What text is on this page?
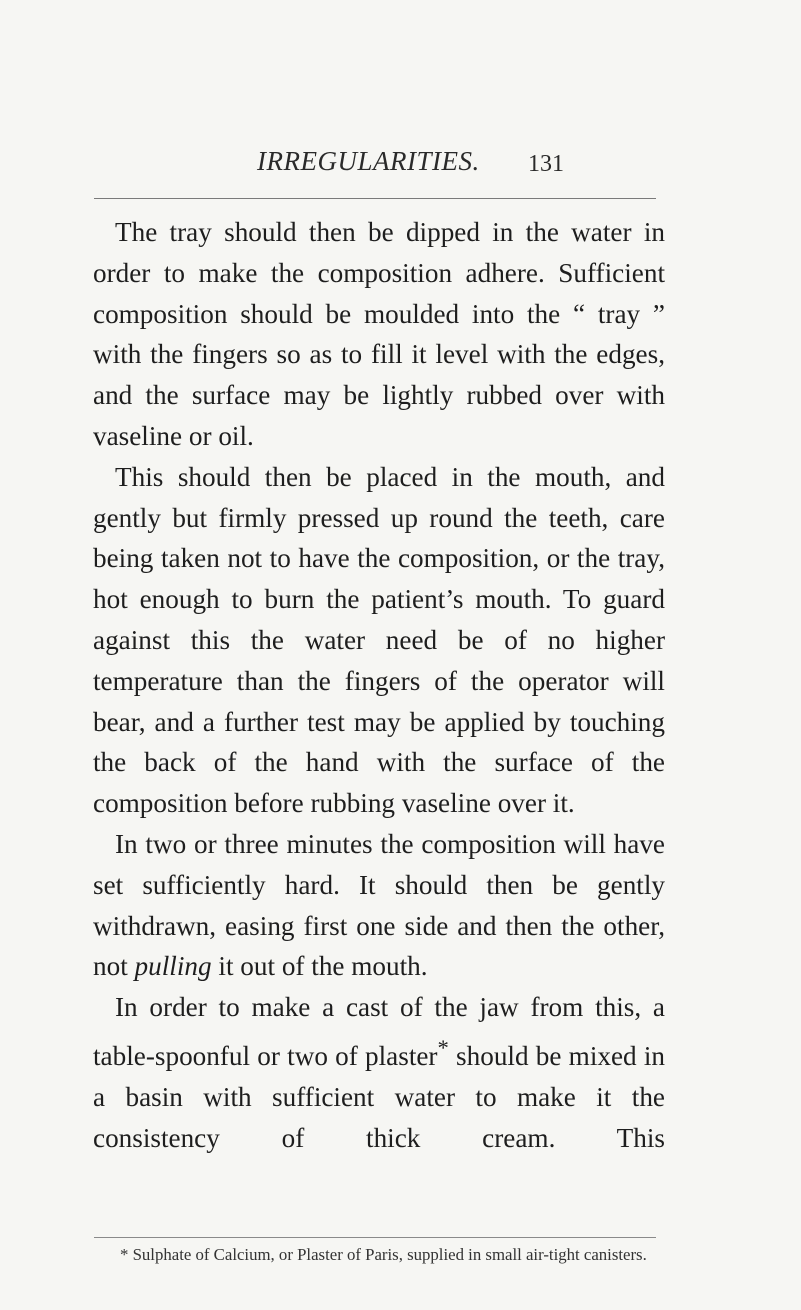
IRREGULARITIES. 131

The tray should then be dipped in the water in order to make the composition adhere. Sufficient composition should be moulded into the “ tray ” with the fingers so as to fill it level with the edges, and the surface may be lightly rubbed over with vaseline or oil.

This should then be placed in the mouth, and gently but firmly pressed up round the teeth, care being taken not to have the composition, or the tray, hot enough to burn the patient’s mouth. To guard against this the water need be of no higher temperature than the fingers of the operator will bear, and a further test may be applied by touching the back of the hand with the surface of the composition before rubbing vaseline over it.

In two or three minutes the composition will have set sufficiently hard. It should then be gently withdrawn, easing first one side and then the other, not pulling it out of the mouth.

In order to make a cast of the jaw from this, a table-spoonful or two of plaster* should be mixed in a basin with sufficient water to make it the consistency of thick cream. This

* Sulphate of Calcium, or Plaster of Paris, supplied in small air-tight canisters.
